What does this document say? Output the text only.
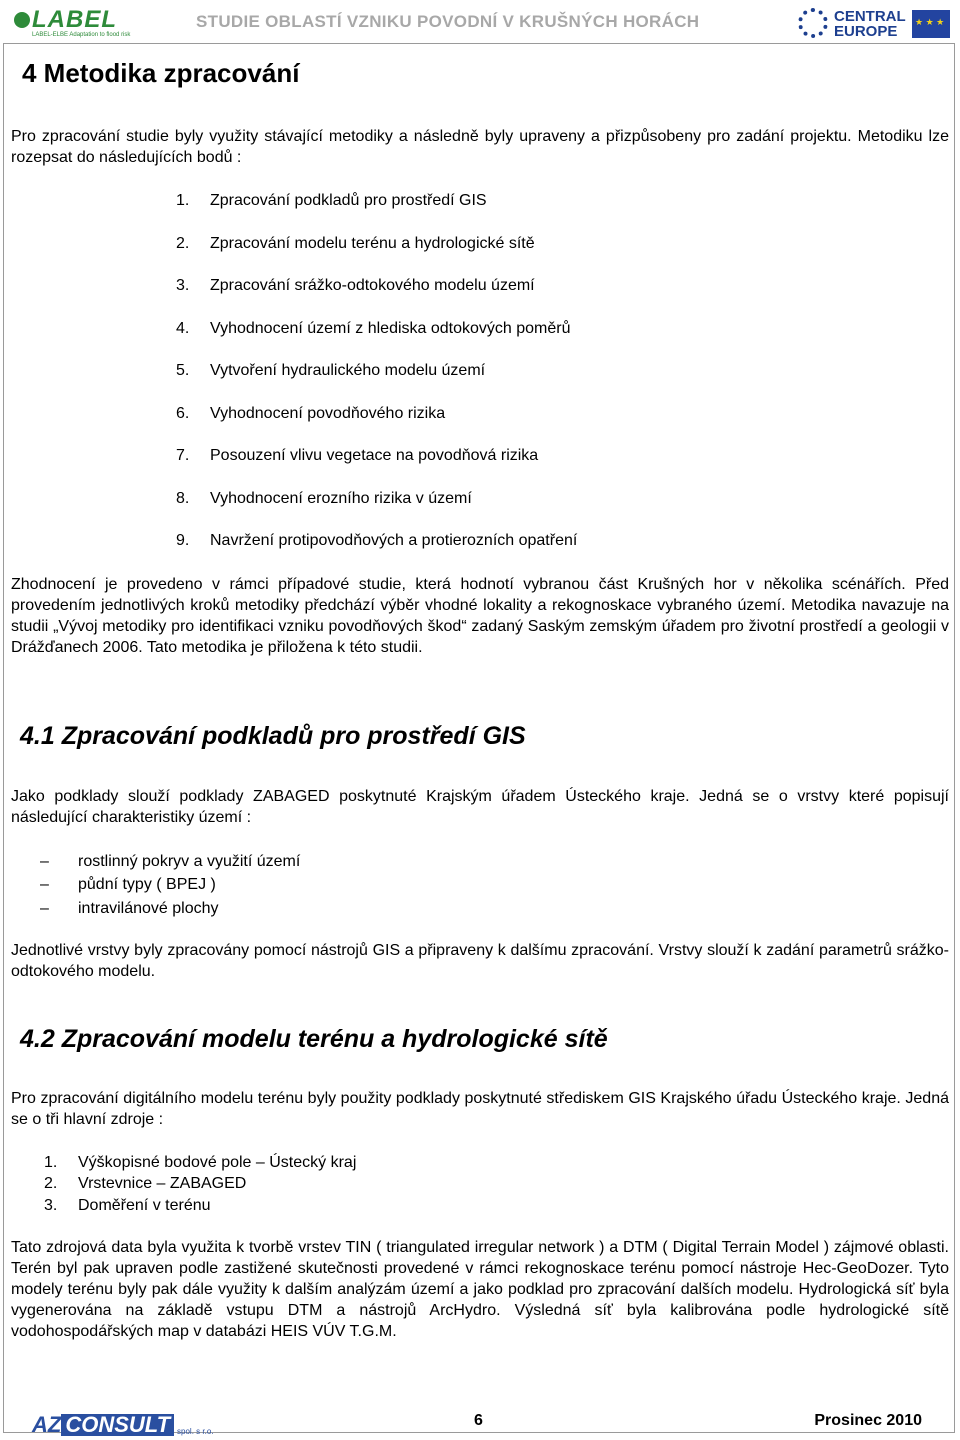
LABEL
LABEL-ELBE Adaptation to flood risk
STUDIE OBLASTÍ VZNIKU POVODNÍ V KRUŠNÝCH HORÁCH	CENTRAL
EUROPE
★ ★ ★
4 Metodika zpracování

Pro zpracování studie byly využity stávající metodiky a následně byly upraveny a přizpůsobeny pro zadání projektu. Metodiku lze rozepsat do následujících bodů :

1. Zpracování podkladů pro prostředí GIS
2. Zpracování modelu terénu a hydrologické sítě
3. Zpracování srážko-odtokového modelu území
4. Vyhodnocení území z hlediska odtokových poměrů
5. Vytvoření hydraulického modelu území
6. Vyhodnocení povodňového rizika
7. Posouzení vlivu vegetace na povodňová rizika
8. Vyhodnocení erozního rizika v území
9. Navržení protipovodňových a protierozních opatření

Zhodnocení je provedeno v rámci případové studie, která hodnotí vybranou část Krušných hor v několika scénářích. Před provedením jednotlivých kroků metodiky předchází výběr vhodné lokality a rekognoskace vybraného území. Metodika navazuje na studii „Vývoj metodiky pro identifikaci vzniku povodňových škod“ zadaný Saským zemským úřadem pro životní prostředí a geologii v Drážďanech 2006. Tato metodika je přiložena k této studii.

4.1 Zpracování podkladů pro prostředí GIS

Jako podklady slouží podklady ZABAGED poskytnuté Krajským úřadem Ústeckého kraje. Jedná se o vrstvy které popisují následující charakteristiky území :

– rostlinný pokryv a využití území
– půdní typy ( BPEJ )
– intravilánové plochy

Jednotlivé vrstvy byly zpracovány pomocí nástrojů GIS a připraveny k dalšímu zpracování. Vrstvy slouží k zadání parametrů srážko-odtokového modelu.

4.2 Zpracování modelu terénu a hydrologické sítě

Pro zpracování digitálního modelu terénu byly použity podklady poskytnuté střediskem GIS Krajského úřadu Ústeckého kraje. Jedná se o tři hlavní zdroje :

1. Výškopisné bodové pole – Ústecký kraj
2. Vrstevnice – ZABAGED
3. Doměření v terénu

Tato zdrojová data byla využita k tvorbě vrstev TIN ( triangulated irregular network ) a DTM ( Digital Terrain Model ) zájmové oblasti. Terén byl pak upraven podle zastižené skutečnosti provedené v rámci rekognoskace terénu pomocí nástroje Hec-GeoDozer. Tyto modely terénu byly pak dále využity k dalším analýzám území a jako podklad pro zpracování dalších modelu. Hydrologická síť byla vygenerována na základě vstupu DTM a nástrojů ArcHydro. Výsledná síť byla kalibrována podle hydrologické sítě vodohospodářských map v databázi HEIS VÚV T.G.M.

AZ CONSULT spol. s r.o.
6	Prosinec 2010
